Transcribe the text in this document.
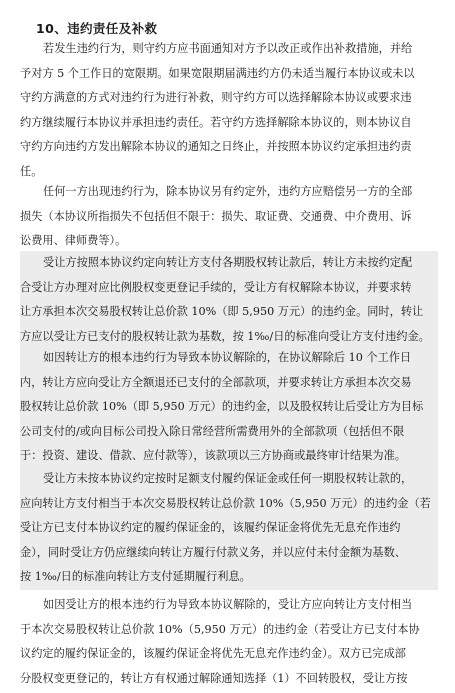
10、违约责任及补救
若发生违约行为，则守约方应书面通知对方予以改正或作出补救措施，并给
予对方 5 个工作日的宽限期。如果宽限期届满违约方仍未适当履行本协议或未以
守约方满意的方式对违约行为进行补救，则守约方可以选择解除本协议或要求违
约方继续履行本协议并承担违约责任。若守约方选择解除本协议的，则本协议自
守约方向违约方发出解除本协议的通知之日终止，并按照本协议约定承担违约责
任。
任何一方出现违约行为，除本协议另有约定外，违约方应赔偿另一方的全部
损失（本协议所指损失不包括但不限于：损失、取证费、交通费、中介费用、诉
讼费用、律师费等）。
受让方按照本协议约定向转让方支付各期股权转让款后，转让方未按约定配
合受让方办理对应比例股权变更登记手续的，受让方有权解除本协议，并要求转
让方承担本次交易股权转让总价款 10%（即 5,950 万元）的违约金。同时，转让
方应以受让方已支付的股权转让款为基数，按 1‰/日的标准向受让方支付违约金。
如因转让方的根本违约行为导致本协议解除的，在协议解除后 10 个工作日
内，转让方应向受让方全额退还已支付的全部款项，并要求转让方承担本次交易
股权转让总价款 10%（即 5,950 万元）的违约金，以及股权转让后受让方为目标
公司支付的/或向目标公司投入除日常经营所需费用外的全部款项（包括但不限
于：投资、建设、借款、应付款等），该款项以三方协商或最终审计结果为准。
受让方未按本协议约定按时足额支付履约保证金或任何一期股权转让款的，
应向转让方支付相当于本次交易股权转让总价款 10%（5,950 万元）的违约金（若
受让方已支付本协议约定的履约保证金的，该履约保证金将优先无息充作违约
金），同时受让方仍应继续向转让方履行付款义务，并以应付未付金额为基数、
按 1‰/日的标准向转让方支付延期履行利息。
如因受让方的根本违约行为导致本协议解除的，受让方应向转让方支付相当
于本次交易股权转让总价款 10%（5,950 万元）的违约金（若受让方已支付本协
议约定的履约保证金的，该履约保证金将优先无息充作违约金）。双方已完成部
分股权变更登记的，转让方有权通过解除通知选择（1）不回转股权，受让方按
